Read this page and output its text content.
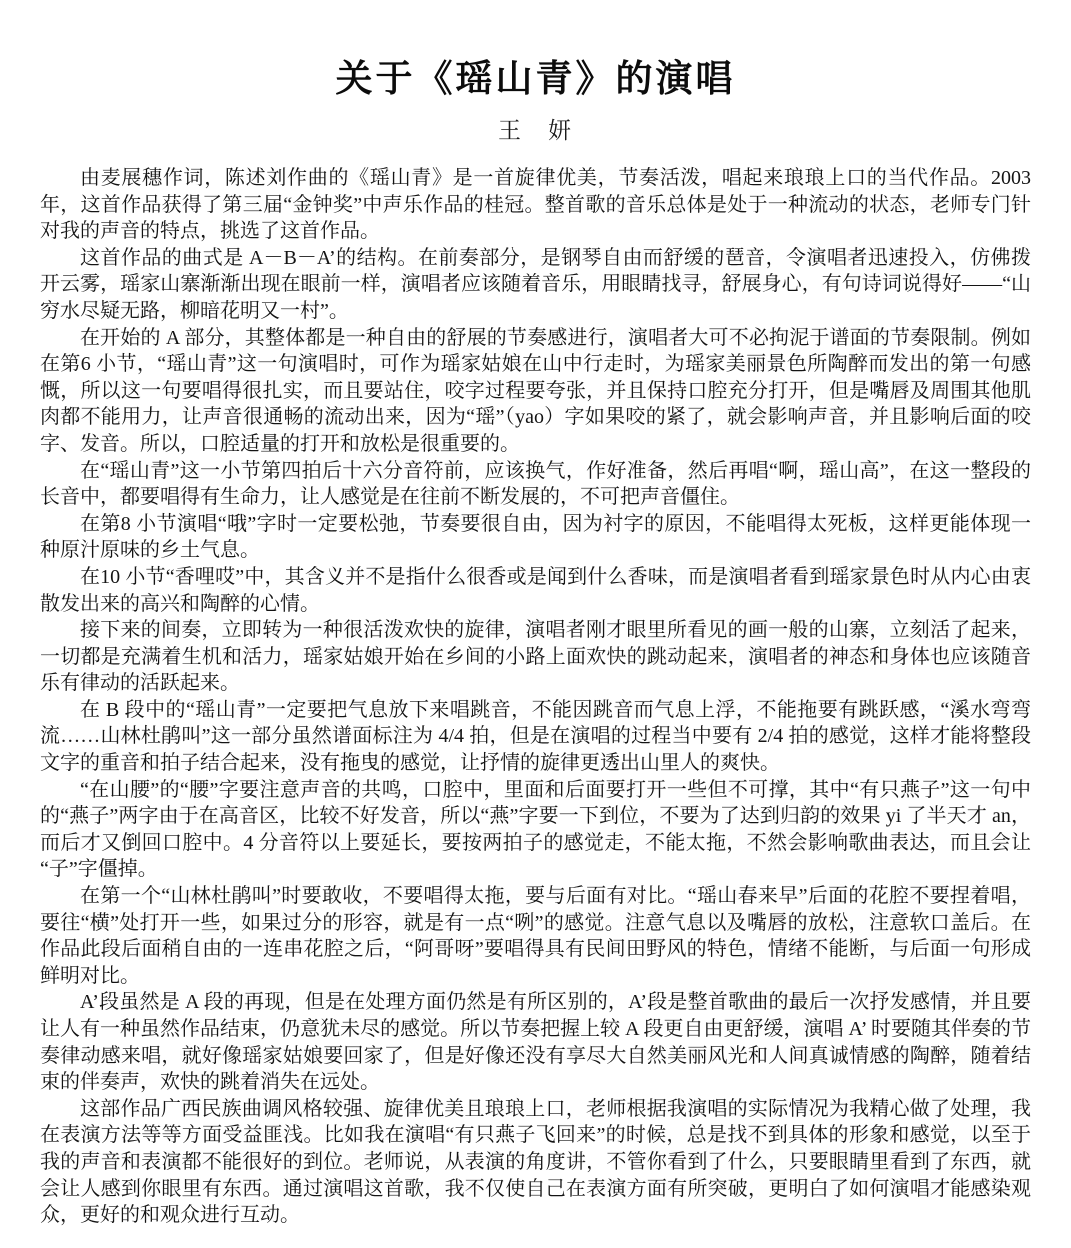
关于《瑶山青》的演唱
王　妍

由麦展穗作词，陈述刘作曲的《瑶山青》是一首旋律优美，节奏活泼，唱起来琅琅上口的当代作品。2003 年，这首作品获得了第三届“金钟奖”中声乐作品的桂冠。整首歌的音乐总体是处于一种流动的状态，老师专门针对我的声音的特点，挑选了这首作品。

这首作品的曲式是 A－B－A’的结构。在前奏部分，是钢琴自由而舒缓的琶音，令演唱者迅速投入，仿佛拨开云雾，瑶家山寨渐渐出现在眼前一样，演唱者应该随着音乐，用眼睛找寻，舒展身心，有句诗词说得好——“山穷水尽疑无路，柳暗花明又一村”。

在开始的 A 部分，其整体都是一种自由的舒展的节奏感进行，演唱者大可不必拘泥于谱面的节奏限制。例如在第6 小节，“瑶山青”这一句演唱时，可作为瑶家姑娘在山中行走时，为瑶家美丽景色所陶醉而发出的第一句感慨，所以这一句要唱得很扎实，而且要站住，咬字过程要夸张，并且保持口腔充分打开，但是嘴唇及周围其他肌肉都不能用力，让声音很通畅的流动出来，因为“瑶”（yao）字如果咬的紧了，就会影响声音，并且影响后面的咬字、发音。所以，口腔适量的打开和放松是很重要的。

在“瑶山青”这一小节第四拍后十六分音符前，应该换气，作好准备，然后再唱“啊，瑶山高”，在这一整段的长音中，都要唱得有生命力，让人感觉是在往前不断发展的，不可把声音僵住。

在第8 小节演唱“哦”字时一定要松弛，节奏要很自由，因为衬字的原因，不能唱得太死板，这样更能体现一种原汁原味的乡土气息。

在10 小节“香哩哎”中，其含义并不是指什么很香或是闻到什么香味，而是演唱者看到瑶家景色时从内心由衷散发出来的高兴和陶醉的心情。

接下来的间奏，立即转为一种很活泼欢快的旋律，演唱者刚才眼里所看见的画一般的山寨，立刻活了起来，一切都是充满着生机和活力，瑶家姑娘开始在乡间的小路上面欢快的跳动起来，演唱者的神态和身体也应该随音乐有律动的活跃起来。

在 B 段中的“瑶山青”一定要把气息放下来唱跳音，不能因跳音而气息上浮，不能拖要有跳跃感，“溪水弯弯流……山林杜鹃叫”这一部分虽然谱面标注为 4/4 拍，但是在演唱的过程当中要有 2/4 拍的感觉，这样才能将整段文字的重音和拍子结合起来，没有拖曳的感觉，让抒情的旋律更透出山里人的爽快。

“在山腰”的“腰”字要注意声音的共鸣，口腔中，里面和后面要打开一些但不可撑，其中“有只燕子”这一句中的“燕子”两字由于在高音区，比较不好发音，所以“燕”字要一下到位，不要为了达到归韵的效果 yi 了半天才 an，而后才又倒回口腔中。4 分音符以上要延长，要按两拍子的感觉走，不能太拖，不然会影响歌曲表达，而且会让“子”字僵掉。

在第一个“山林杜鹃叫”时要敢收，不要唱得太拖，要与后面有对比。“瑶山春来早”后面的花腔不要捏着唱，要往“横”处打开一些，如果过分的形容，就是有一点“咧”的感觉。注意气息以及嘴唇的放松，注意软口盖后。在作品此段后面稍自由的一连串花腔之后，“阿哥呀”要唱得具有民间田野风的特色，情绪不能断，与后面一句形成鲜明对比。

A’段虽然是 A 段的再现，但是在处理方面仍然是有所区别的，A’段是整首歌曲的最后一次抒发感情，并且要让人有一种虽然作品结束，仍意犹未尽的感觉。所以节奏把握上较 A 段更自由更舒缓，演唱 A’ 时要随其伴奏的节奏律动感来唱，就好像瑶家姑娘要回家了，但是好像还没有享尽大自然美丽风光和人间真诚情感的陶醉，随着结束的伴奏声，欢快的跳着消失在远处。

这部作品广西民族曲调风格较强、旋律优美且琅琅上口，老师根据我演唱的实际情况为我精心做了处理，我在表演方法等等方面受益匪浅。比如我在演唱“有只燕子飞回来”的时候，总是找不到具体的形象和感觉，以至于我的声音和表演都不能很好的到位。老师说，从表演的角度讲，不管你看到了什么，只要眼睛里看到了东西，就会让人感到你眼里有东西。通过演唱这首歌，我不仅使自己在表演方面有所突破，更明白了如何演唱才能感染观众，更好的和观众进行互动。
